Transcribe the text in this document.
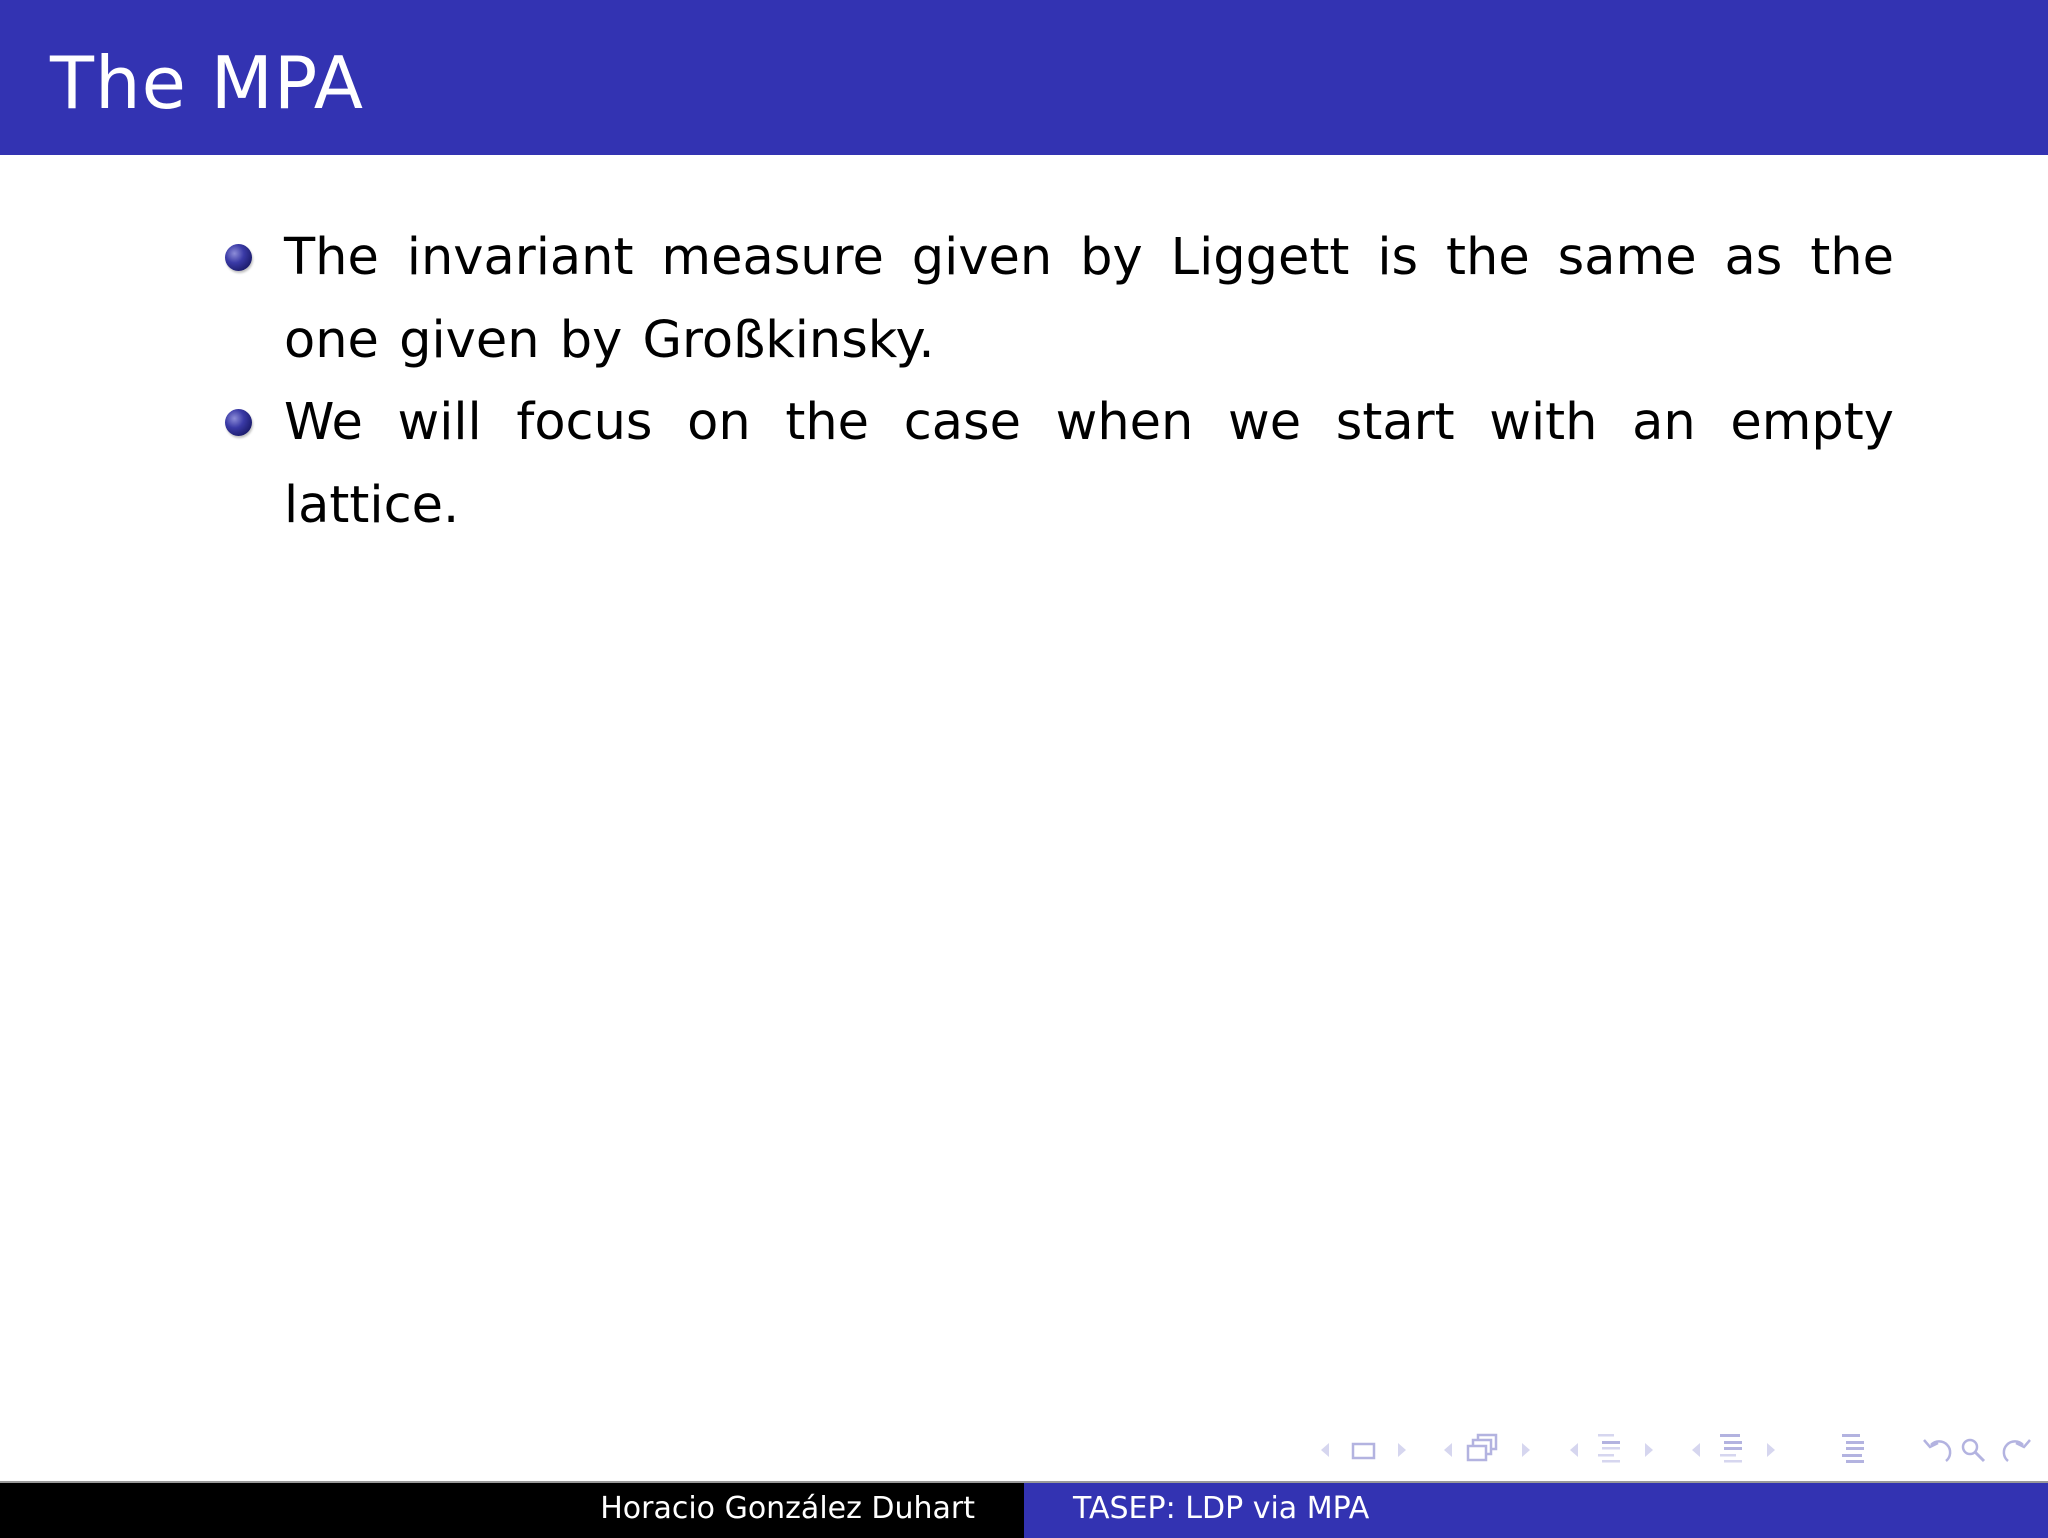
The MPA
The invariant measure given by Liggett is the same as the one given by Großkinsky.
We will focus on the case when we start with an empty lattice.
Horacio González Duhart	TASEP: LDP via MPA
